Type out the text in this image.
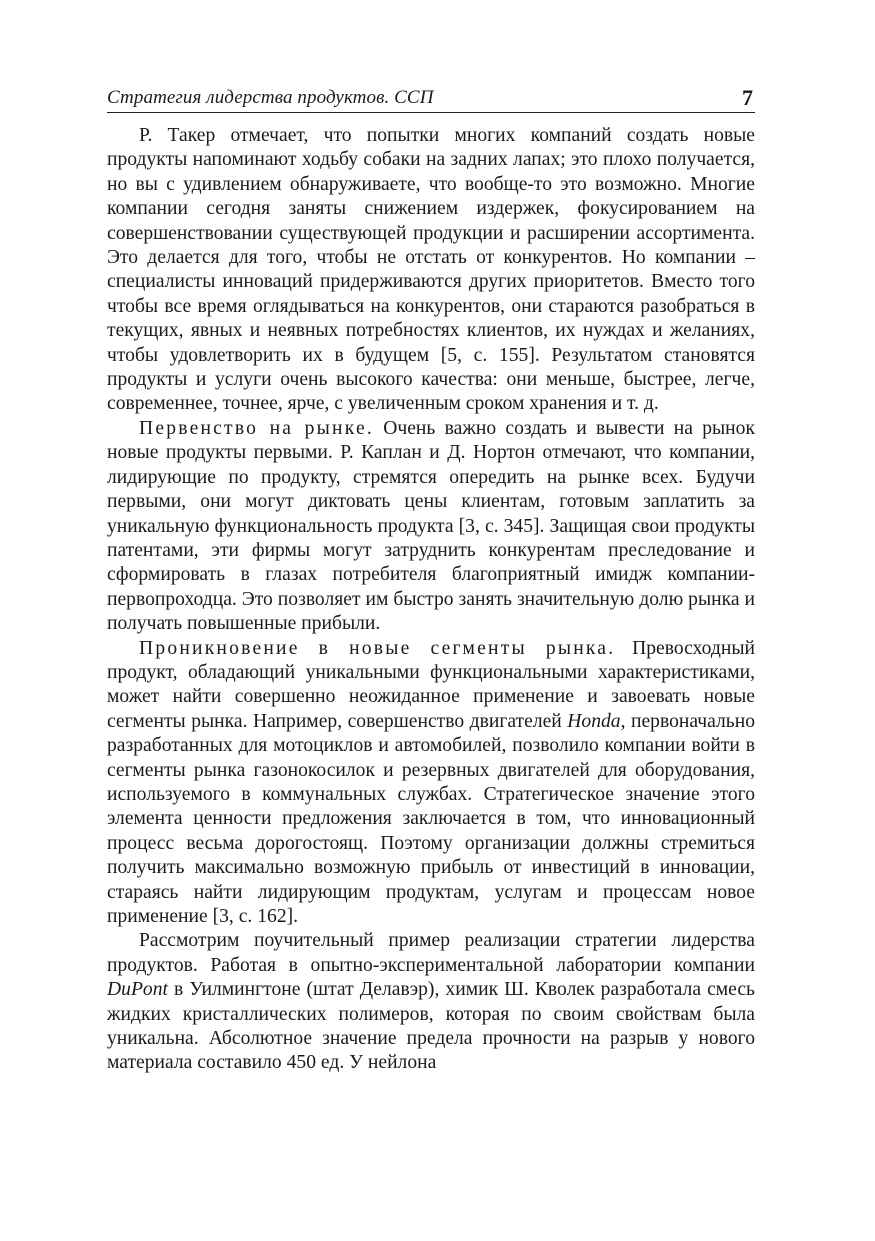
Стратегия лидерства продуктов. ССП	7

Р. Такер отмечает, что попытки многих компаний создать новые продукты напоминают ходьбу собаки на задних лапах; это плохо получается, но вы с удивлением обнаруживаете, что вообще-то это возможно. Многие компании сегодня заняты снижением издержек, фокусированием на совершенствовании существующей продукции и расширении ассортимента. Это делается для того, чтобы не отстать от конкурентов. Но компании – специалисты инноваций придерживаются других приоритетов. Вместо того чтобы все время оглядываться на конкурентов, они стараются разобраться в текущих, явных и неявных потребностях клиентов, их нуждах и желаниях, чтобы удовлетворить их в будущем [5, с. 155]. Результатом становятся продукты и услуги очень высокого качества: они меньше, быстрее, легче, современнее, точнее, ярче, с увеличенным сроком хранения и т. д.

Первенство на рынке. Очень важно создать и вывести на рынок новые продукты первыми. Р. Каплан и Д. Нортон отмечают, что компании, лидирующие по продукту, стремятся опередить на рынке всех. Будучи первыми, они могут диктовать цены клиентам, готовым заплатить за уникальную функциональность продукта [3, с. 345]. Защищая свои продукты патентами, эти фирмы могут затруднить конкурентам преследование и сформировать в глазах потребителя благоприятный имидж компании-первопроходца. Это позволяет им быстро занять значительную долю рынка и получать повышенные прибыли.

Проникновение в новые сегменты рынка. Превосходный продукт, обладающий уникальными функциональными характеристиками, может найти совершенно неожиданное применение и завоевать новые сегменты рынка. Например, совершенство двигателей Honda, первоначально разработанных для мотоциклов и автомобилей, позволило компании войти в сегменты рынка газонокосилок и резервных двигателей для оборудования, используемого в коммунальных службах. Стратегическое значение этого элемента ценности предложения заключается в том, что инновационный процесс весьма дорогостоящ. Поэтому организации должны стремиться получить максимально возможную прибыль от инвестиций в инновации, стараясь найти лидирующим продуктам, услугам и процессам новое применение [3, с. 162].

Рассмотрим поучительный пример реализации стратегии лидерства продуктов. Работая в опытно-экспериментальной лаборатории компании DuPont в Уилмингтоне (штат Делавэр), химик Ш. Кволек разработала смесь жидких кристаллических полимеров, которая по своим свойствам была уникальна. Абсолютное значение предела прочности на разрыв у нового материала составило 450 ед. У нейлона
